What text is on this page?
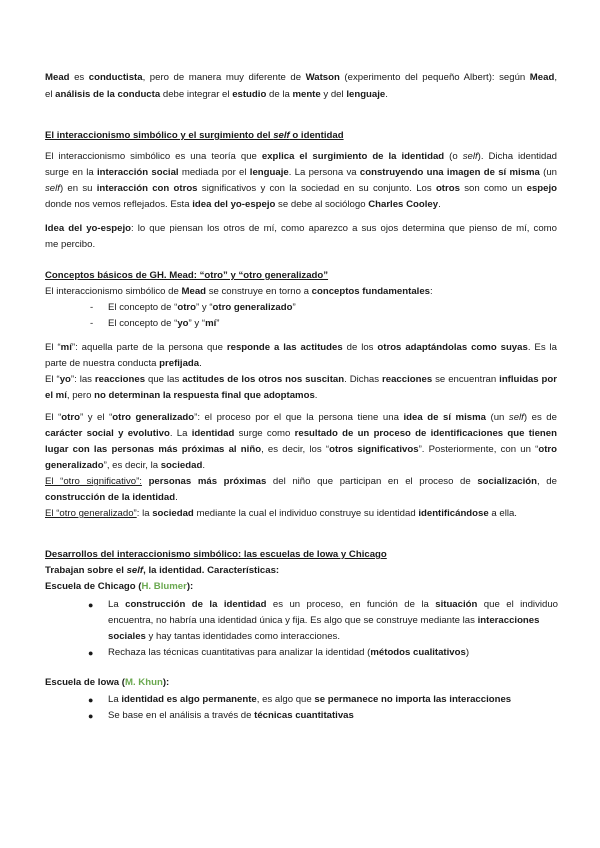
Mead es conductista, pero de manera muy diferente de Watson (experimento del pequeño Albert): según Mead,

el análisis de la conducta debe integrar el estudio de la mente y del lenguaje.

El interaccionismo simbólico y el surgimiento del self o identidad

El interaccionismo simbólico es una teoría que explica el surgimiento de la identidad (o self). Dicha identidad

surge en la interacción social mediada por el lenguaje. La persona va construyendo una imagen de sí misma (un

self) en su interacción con otros significativos y con la sociedad en su conjunto. Los otros son como un espejo

donde nos vemos reflejados. Esta idea del yo-espejo se debe al sociólogo Charles Cooley.

Idea del yo-espejo: lo que piensan los otros de mí, como aparezco a sus ojos determina que pienso de mí, como

me percibo.

Conceptos básicos de GH. Mead: “otro” y “otro generalizado”

El interaccionismo simbólico de Mead se construye en torno a conceptos fundamentales:

- El concepto de “otro” y “otro generalizado”
- El concepto de “yo” y “mí”

El “mí”: aquella parte de la persona que responde a las actitudes de los otros adaptándolas como suyas. Es la

parte de nuestra conducta prefijada.

El “yo”: las reacciones que las actitudes de los otros nos suscitan. Dichas reacciones se encuentran influidas por

el mí, pero no determinan la respuesta final que adoptamos.

El “otro” y el “otro generalizado”: el proceso por el que la persona tiene una idea de sí misma (un self) es de

carácter social y evolutivo. La identidad surge como resultado de un proceso de identificaciones que tienen

lugar con las personas más próximas al niño, es decir, los “otros significativos”. Posteriormente, con un “otro

generalizado”, es decir, la sociedad.

El “otro significativo”: personas más próximas del niño que participan en el proceso de socialización, de

construcción de la identidad.

El “otro generalizado”: la sociedad mediante la cual el individuo construye su identidad identificándose a ella.

Desarrollos del interaccionismo simbólico: las escuelas de Iowa y Chicago

Trabajan sobre el self, la identidad. Características:

Escuela de Chicago (H. Blumer):

● La construcción de la identidad es un proceso, en función de la situación que el individuo

encuentra, no habría una identidad única y fija. Es algo que se construye mediante las interacciones

sociales y hay tantas identidades como interacciones.

● Rechaza las técnicas cuantitativas para analizar la identidad (métodos cualitativos)

Escuela de Iowa (M. Khun):

● La identidad es algo permanente, es algo que se permanece no importa las interacciones

● Se base en el análisis a través de técnicas cuantitativas
